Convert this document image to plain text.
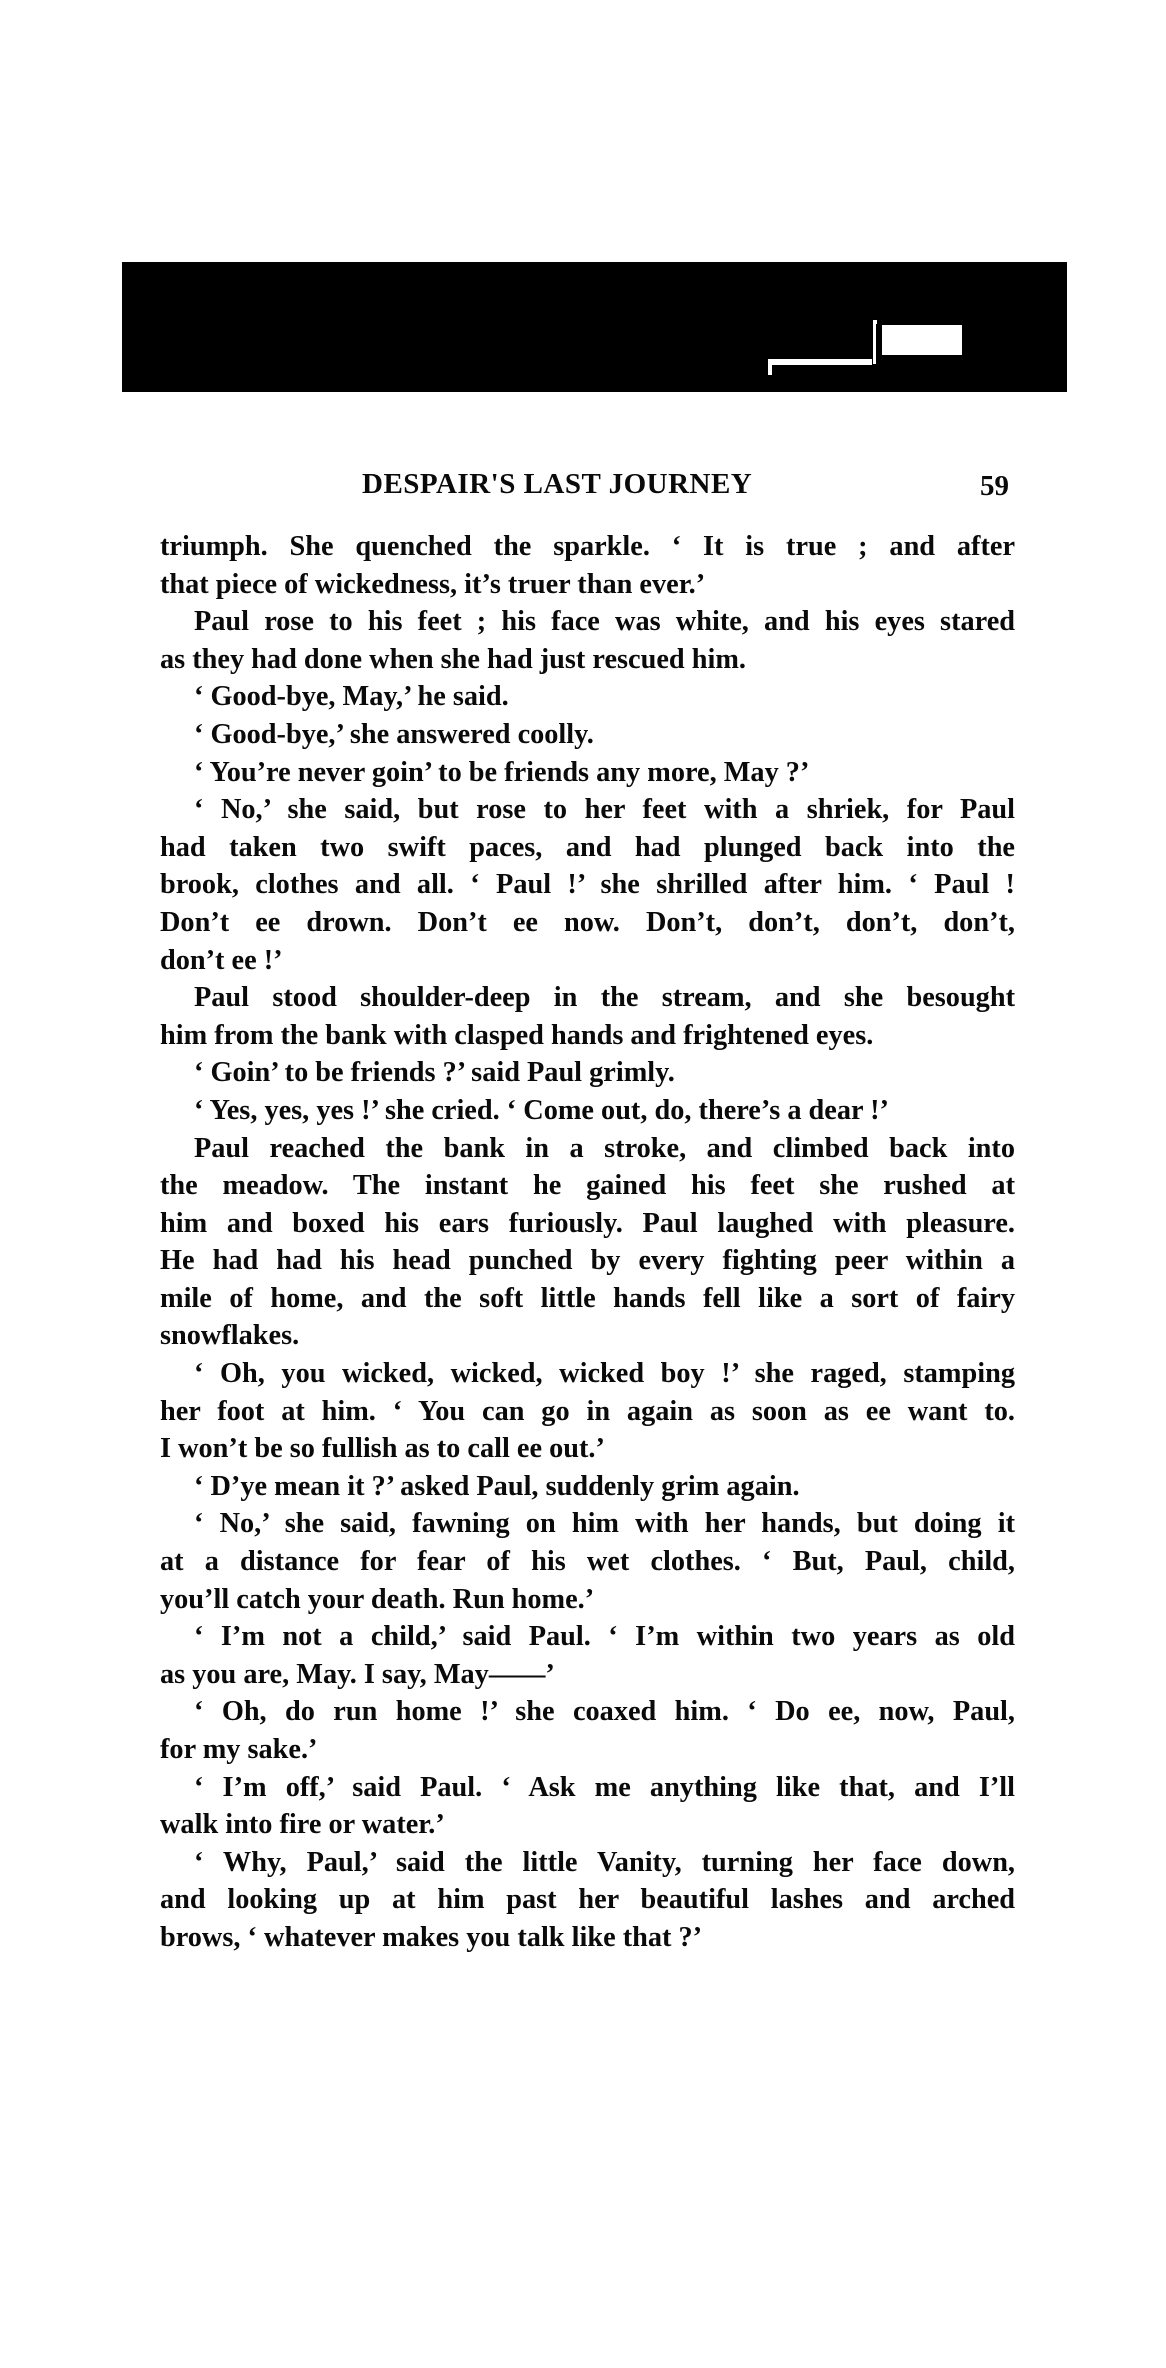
DESPAIR'S LAST JOURNEY	59
triumph. She quenched the sparkle. ‘ It is true ; and after
that piece of wickedness, it’s truer than ever.’
Paul rose to his feet ; his face was white, and his eyes stared
as they had done when she had just rescued him.
‘ Good-bye, May,’ he said.
‘ Good-bye,’ she answered coolly.
‘ You’re never goin’ to be friends any more, May ?’
‘ No,’ she said, but rose to her feet with a shriek, for Paul
had taken two swift paces, and had plunged back into the
brook, clothes and all. ‘ Paul !’ she shrilled after him. ‘ Paul !
Don’t ee drown. Don’t ee now. Don’t, don’t, don’t, don’t,
don’t ee !’
Paul stood shoulder-deep in the stream, and she besought
him from the bank with clasped hands and frightened eyes.
‘ Goin’ to be friends ?’ said Paul grimly.
‘ Yes, yes, yes !’ she cried. ‘ Come out, do, there’s a dear !’
Paul reached the bank in a stroke, and climbed back into
the meadow. The instant he gained his feet she rushed at
him and boxed his ears furiously. Paul laughed with pleasure.
He had had his head punched by every fighting peer within a
mile of home, and the soft little hands fell like a sort of fairy
snowflakes.
‘ Oh, you wicked, wicked, wicked boy !’ she raged, stamping
her foot at him. ‘ You can go in again as soon as ee want to.
I won’t be so fullish as to call ee out.’
‘ D’ye mean it ?’ asked Paul, suddenly grim again.
‘ No,’ she said, fawning on him with her hands, but doing it
at a distance for fear of his wet clothes. ‘ But, Paul, child,
you’ll catch your death. Run home.’
‘ I’m not a child,’ said Paul. ‘ I’m within two years as old
as you are, May. I say, May——’
‘ Oh, do run home !’ she coaxed him. ‘ Do ee, now, Paul,
for my sake.’
‘ I’m off,’ said Paul. ‘ Ask me anything like that, and I’ll
walk into fire or water.’
‘ Why, Paul,’ said the little Vanity, turning her face down,
and looking up at him past her beautiful lashes and arched
brows, ‘ whatever makes you talk like that ?’
